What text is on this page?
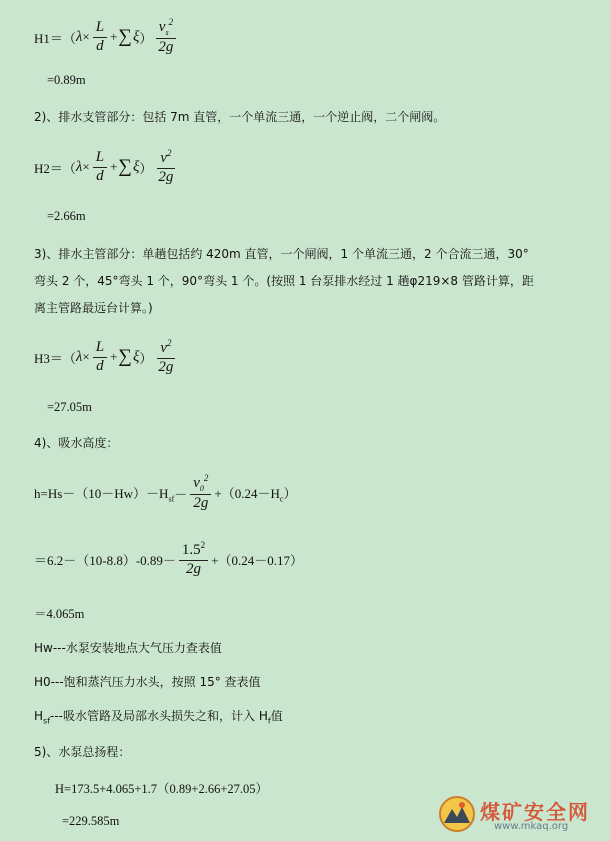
H1＝（ $\lambda \times \frac{L}{d}$ + ∑ ξ ） $\frac{v_s^2}{2g}$
=0.89m
2)、排水支管部分：包括 7m 直管，一个单流三通，一个逆止阀，二个闸阀。
H2＝（ $\lambda \times \frac{L}{d}$ + ∑ ξ ） $\frac{v^2}{2g}$
=2.66m
3)、排水主管部分：单趟包括约 420m 直管，一个闸阀，1 个单流三通，2 个合流三通，30°
弯头 2 个，45°弯头 1 个，90°弯头 1 个。(按照 1 台泵排水经过 1 趟φ219×8 管路计算，距
离主管路最远台计算。)
H3＝（ $\lambda \times \frac{L}{d}$ + ∑ ξ ） $\frac{v^2}{2g}$
=27.05m
4)、吸水高度：
$h=Hs-(10-Hw)-H_{sf} - \frac{v_0^2}{2g} +(0.24-H_c)$
$=6.2-(10-8.8)-0.89- \frac{1.5^2}{2g} +(0.24-0.17)$
＝4.065m
Hw---水泵安装地点大气压力查表值
H0---饱和蒸汽压力水头，按照 15° 查表值
$H_{sf}---$吸水管路及局部水头损失之和，计入 $H_f$值
5)、水泵总扬程：
H=173.5+4.065+1.7（0.89+2.66+27.05）
=229.585m	煤矿安全网
www.mkaq.org
